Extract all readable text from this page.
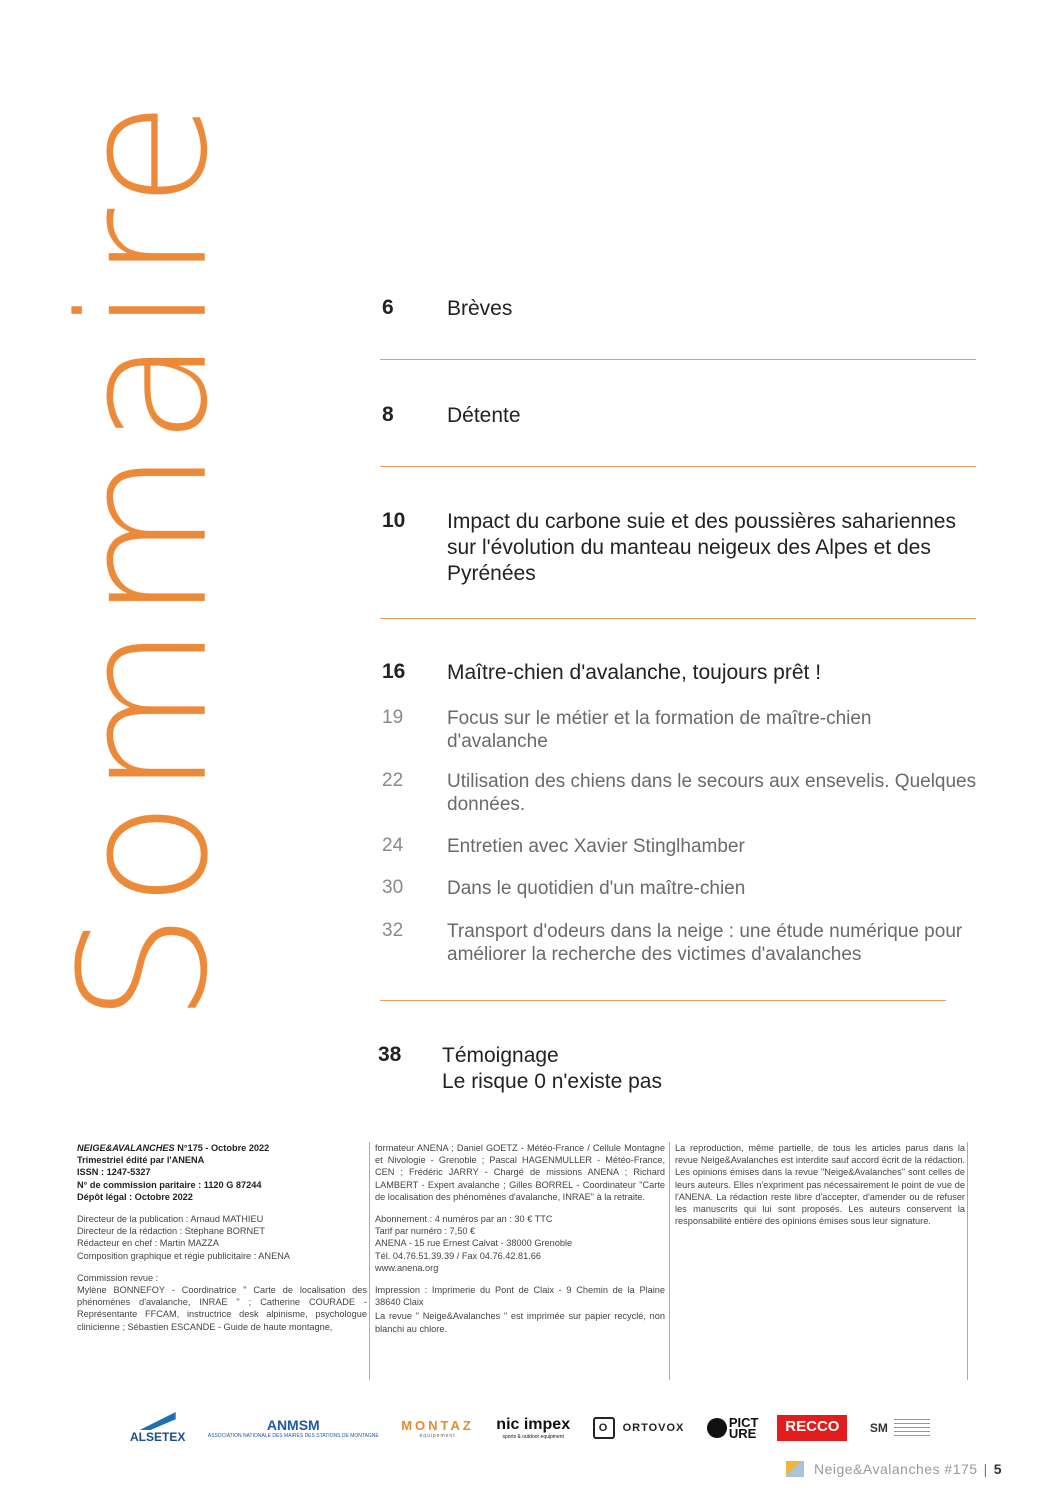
Sommaire	6	Brèves
8	Détente
10 Impact du carbone suie et des poussières sahariennes sur l'évolution du manteau neigeux des Alpes et des Pyrénées
16 Maître-chien d'avalanche, toujours prêt !
19 Focus sur le métier et la formation de maître-chien d'avalanche
22 Utilisation des chiens dans le secours aux ensevelis. Quelques données.
24 Entretien avec Xavier Stinglhamber
30 Dans le quotidien d'un maître-chien
32 Transport d'odeurs dans la neige : une étude numérique pour améliorer la recherche des victimes d'avalanches
38 Témoignage
Le risque 0 n'existe pas

NEIGE&AVALANCHES N°175 - Octobre 2022
Trimestriel édité par l'ANENA
ISSN : 1247-5327
N° de commission paritaire : 1120 G 87244
Dépôt légal : Octobre 2022

Directeur de la publication : Arnaud MATHIEU
Directeur de la rédaction : Stéphane BORNET
Rédacteur en chef : Martin MAZZA
Composition graphique et régie publicitaire : ANENA

Commission revue :

Mylène BONNEFOY - Coordinatrice " Carte de localisation des phénomènes d'avalanche, INRAE " ; Catherine COURADE - Représentante FFCAM, instructrice desk alpinisme, psychologue clinicienne ; Sébastien ESCANDE - Guide de haute montagne,

formateur ANENA ; Daniel GOETZ - Météo-France / Cellule Montagne et Nivologie - Grenoble ; Pascal HAGENMULLER - Météo-France, CEN ; Frédéric JARRY - Chargé de missions ANENA ; Richard LAMBERT - Expert avalanche ; Gilles BORREL - Coordinateur "Carte de localisation des phénomènes d'avalanche, INRAE" à la retraite.

Abonnement : 4 numéros par an : 30 € TTC
Tarif par numéro : 7,50 €
ANENA - 15 rue Ernest Calvat - 38000 Grenoble
Tél. 04.76.51.39.39 / Fax 04.76.42.81.66
www.anena.org

Impression : Imprimerie du Pont de Claix - 9 Chemin de la Plaine 38640 Claix

La revue " Neige&Avalanches " est imprimée sur papier recyclé, non blanchi au chlore.

La reproduction, même partielle, de tous les articles parus dans la revue Neige&Avalanches est interdite sauf accord écrit de la rédaction. Les opinions émises dans la revue "Neige&Avalanches" sont celles de leurs auteurs. Elles n'expriment pas nécessairement le point de vue de l'ANENA. La rédaction reste libre d'accepter, d'amender ou de refuser les manuscrits qui lui sont proposés. Les auteurs conservent la responsabilité entière des opinions émises sous leur signature.

ALSETEX
ANMSM
ASSOCIATION NATIONALE DES MAIRES DES STATIONS DE MONTAGNE
MONTAZ
équipement
nic impex
sports & outdoor equipment
O	ORTOVOX	PICT URE RECCO	SM
Neige&Avalanches #175 | 5
